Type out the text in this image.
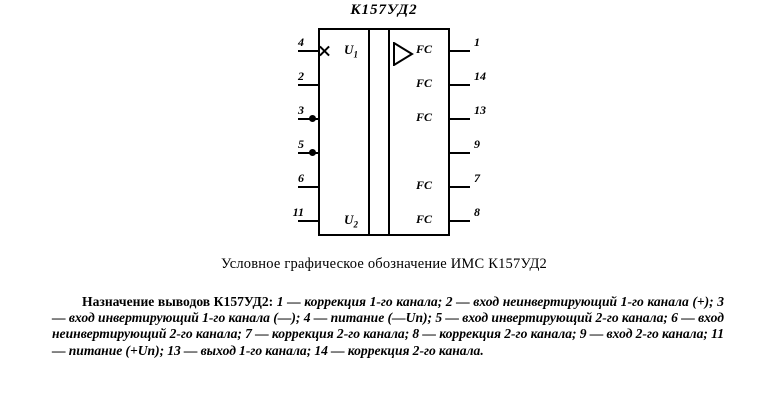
К157УД2
4
2
3
5
6
11
1
14
13
9
7
8
$U_1$
$U_2$
FC
FC
FC
FC
FC
Условное графическое обозначение ИМС К157УД2
Назначение выводов К157УД2: 1 — коррекция 1-го канала; 2 — вход неинвертирующий 1-го канала (+); 3 — вход инвертирующий 1-го канала (—); 4 — питание (—Uп); 5 — вход инвертирующий 2-го канала; 6 — вход неинвертирующий 2-го канала; 7 — коррекция 2-го канала; 8 — коррекция 2-го канала; 9 — вход 2-го канала; 11 — питание (+Uп); 13 — выход 1-го канала; 14 — коррекция 2-го канала.
